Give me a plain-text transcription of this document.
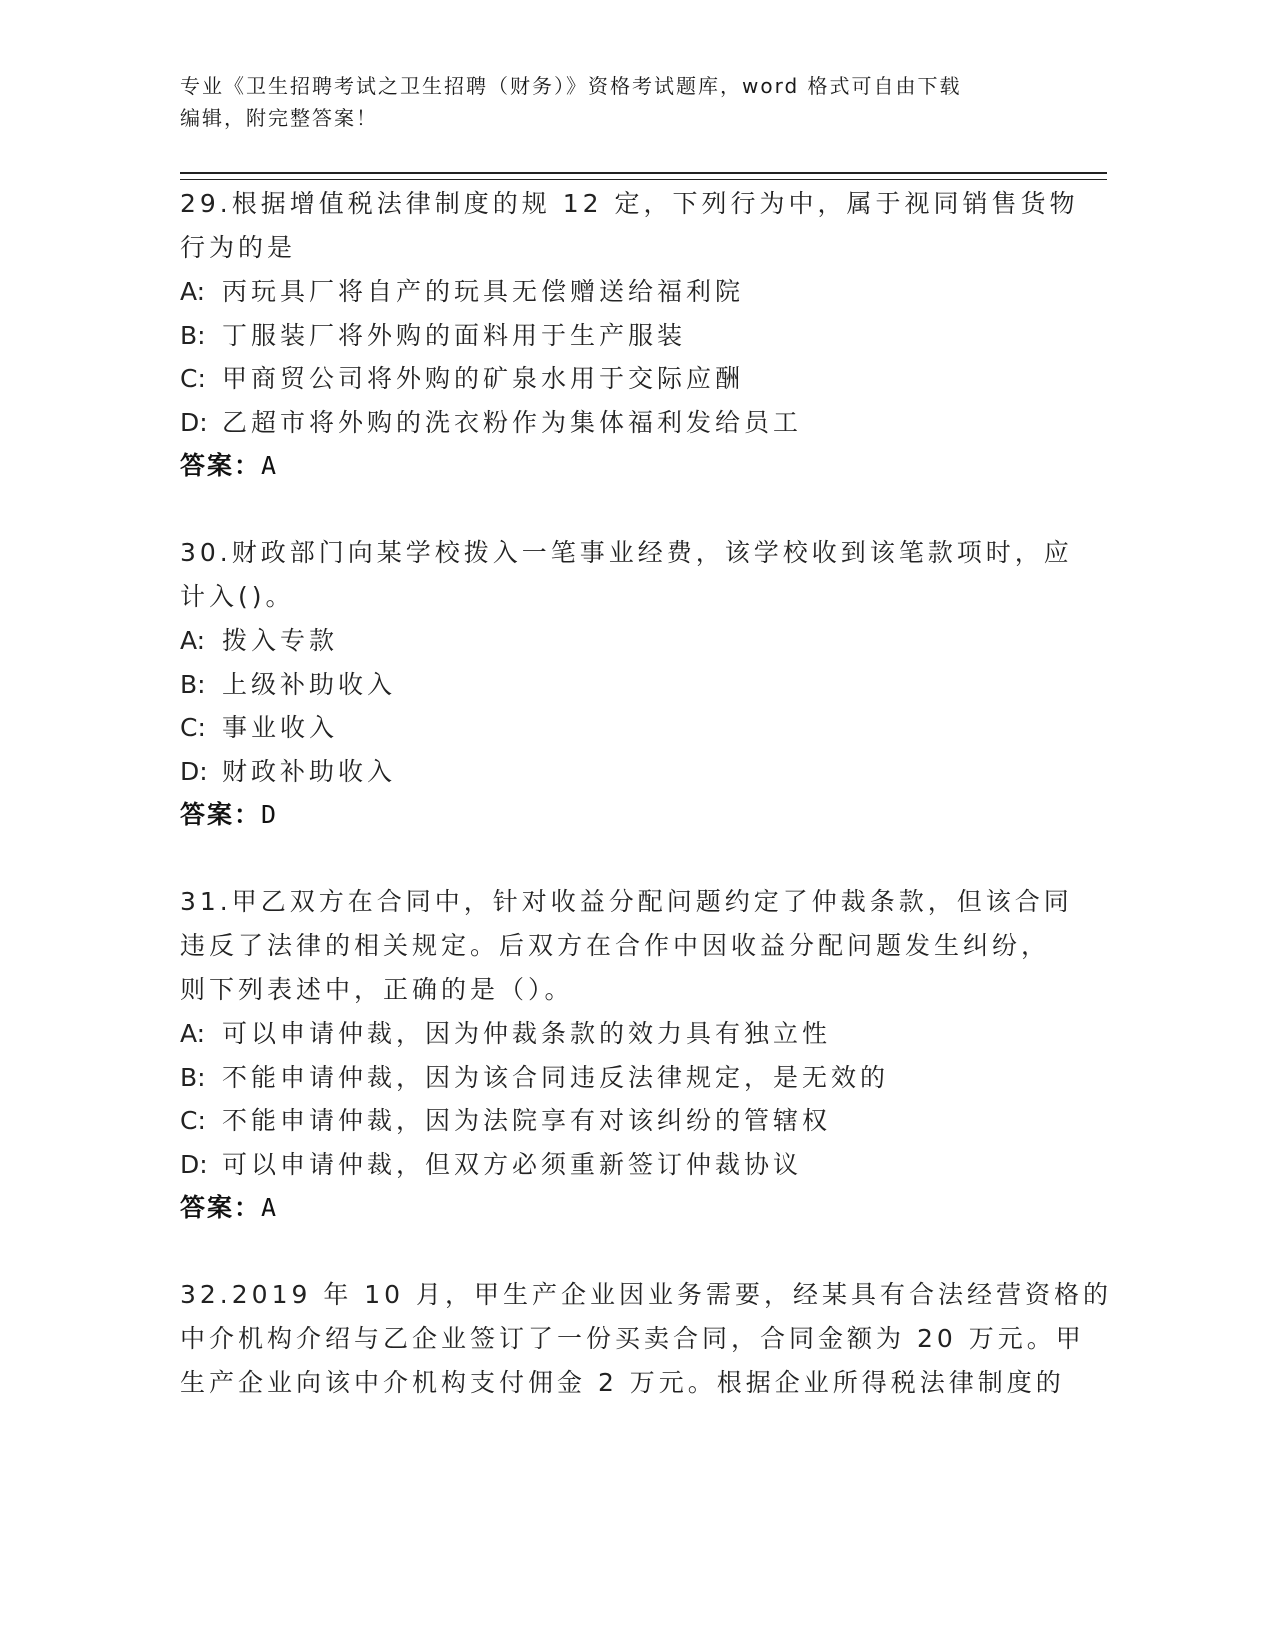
专业《卫生招聘考试之卫生招聘（财务）》资格考试题库，word 格式可自由下载
编辑，附完整答案！
29.根据增值税法律制度的规 12 定，下列行为中，属于视同销售货物
行为的是
A: 丙玩具厂将自产的玩具无偿赠送给福利院
B: 丁服装厂将外购的面料用于生产服装
C: 甲商贸公司将外购的矿泉水用于交际应酬
D: 乙超市将外购的洗衣粉作为集体福利发给员工
答案：A
30.财政部门向某学校拨入一笔事业经费，该学校收到该笔款项时，应
计入()。
A: 拨入专款
B: 上级补助收入
C: 事业收入
D: 财政补助收入
答案：D
31.甲乙双方在合同中，针对收益分配问题约定了仲裁条款，但该合同
违反了法律的相关规定。后双方在合作中因收益分配问题发生纠纷，
则下列表述中，正确的是（）。
A: 可以申请仲裁，因为仲裁条款的效力具有独立性
B: 不能申请仲裁，因为该合同违反法律规定，是无效的
C: 不能申请仲裁，因为法院享有对该纠纷的管辖权
D: 可以申请仲裁，但双方必须重新签订仲裁协议
答案：A
32.2019 年 10 月，甲生产企业因业务需要，经某具有合法经营资格的
中介机构介绍与乙企业签订了一份买卖合同，合同金额为 20 万元。甲
生产企业向该中介机构支付佣金 2 万元。根据企业所得税法律制度的
